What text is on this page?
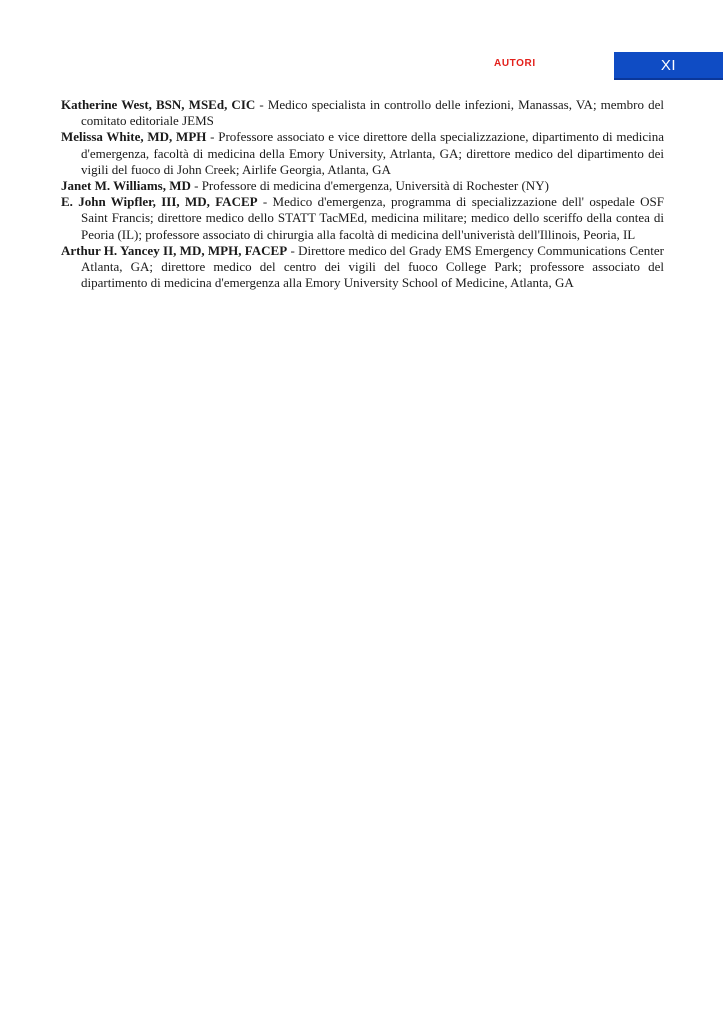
AUTORI	XI
Katherine West, BSN, MSEd, CIC - Medico specialista in controllo delle infezioni, Manassas, VA; membro del comitato editoriale JEMS
Melissa White, MD, MPH - Professore associato e vice direttore della specializzazione, dipartimento di medicina d'emergenza, facoltà di medicina della Emory University, Atrlanta, GA; direttore medico del dipartimento dei vigili del fuoco di John Creek; Airlife Georgia, Atlanta, GA
Janet M. Williams, MD - Professore di medicina d'emergenza, Università di Rochester (NY)
E. John Wipfler, III, MD, FACEP - Medico d'emergenza, programma di specializzazione dell' ospedale OSF Saint Francis; direttore medico dello STATT TacMEd, medicina militare; medico dello sceriffo della contea di Peoria (IL); professore associato di chirurgia alla facoltà di medicina dell'univeristà dell'Illinois, Peoria, IL
Arthur H. Yancey II, MD, MPH, FACEP - Direttore medico del Grady EMS Emergency Communications Center Atlanta, GA; direttore medico del centro dei vigili del fuoco College Park; professore associato del dipartimento di medicina d'emergenza alla Emory University School of Medicine, Atlanta, GA
